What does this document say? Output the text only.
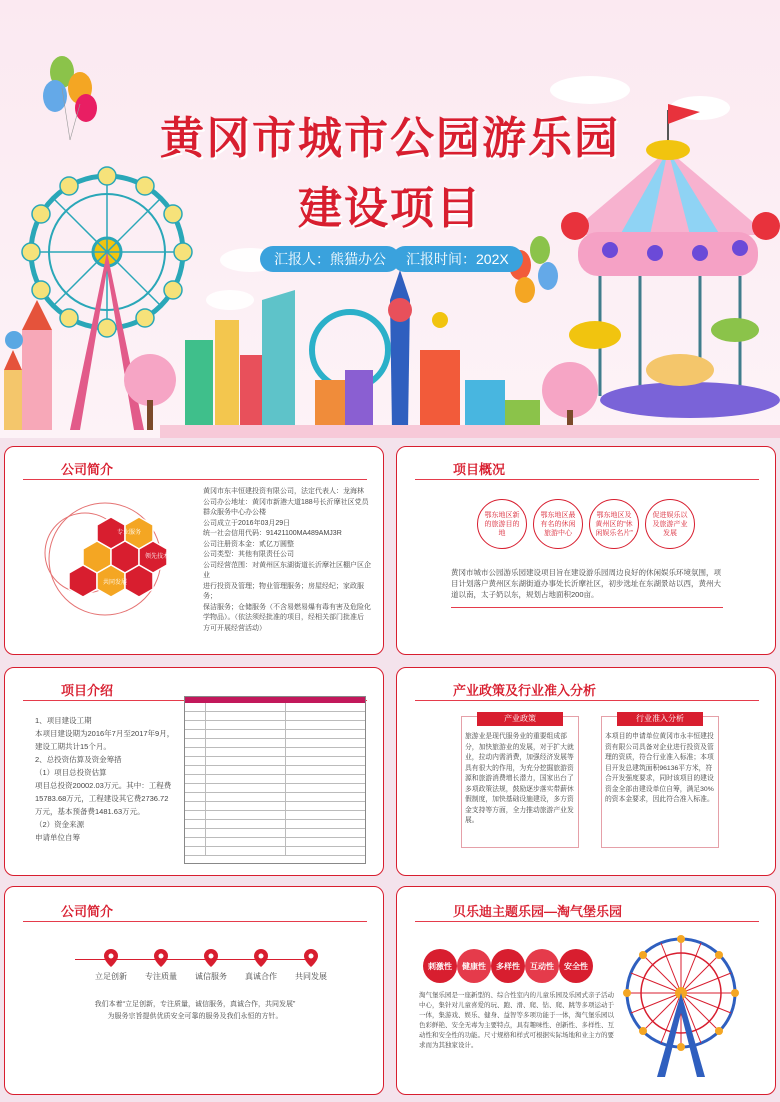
黄冈市城市公园游乐园
建设项目
汇报人：熊猫办公	汇报时间：202X
公司简介
专业服务
领先技术
共同发展
黄冈市东丰恒建投资有限公司，法定代表人：龙海林
公司办公地址：黄冈市新港大道188号长沂摩社区党员
群众服务中心办公楼
公司成立于2016年03月29日
统一社会信用代码：91421100MA489AMJ3R
公司注册资本金：贰亿万圆整
公司类型：其他有限责任公司
公司经营范围：对黄州区东湖街道长沂摩社区棚户区企业
进行投资及管理；物业管理服务；房屋经纪；家政服务；
保洁服务；仓储服务（不含易燃易爆有毒有害及危险化
学物品）。（依法须经批准的项目，经相关部门批准后
方可开展经营活动）
项目概况
鄂东地区新的旅游目的地
鄂东地区最有名的休闲旅游中心
鄂东地区及黄州区的“休闲娱乐名片”
促进娱乐以及旅游产业发展
黄冈市城市公园游乐园建设项目旨在建设游乐园周边良好的休闲娱乐环境氛围，项目计划落户黄州区东湖街道办事处长沂摩社区，初步选址在东湖景站以西，黄州大道以南，太子奶以东，规划占地面积200亩。
项目介绍
1、项目建设工期
本项目建设期为2016年7月至2017年9月，
建设工期共计15个月。
2、总投资估算及资金筹措
（1）项目总投资估算
项目总投资20002.03万元。其中：工程费
15783.68万元，工程建设其它费2736.72
万元，基本预备费1481.63万元。
（2）资金来源
申请单位自筹
产业政策及行业准入分析
产业政策
旅游业是现代服务业的重要组成部分，加快旅游业的发展，对于扩大就业，拉动内需消费，加强经济发展等具有很大的作用，为充分挖掘旅游资源和旅游消费增长潜力，国家出台了多项政策法规，鼓励逐步落实带薪休假制度，加快基础设施建设，多方资金支持等方面，全力推动旅游产业发展。
行业准入分析
本项目的申请单位黄冈市永丰恒建投资有限公司具备对企业进行投资及管理的资质，符合行业准入标准；本项目开发总建筑面积96136平方米，符合开发强度要求，同时该项目的建设资金全部由建设单位自筹，满足30%的资本金要求，因此符合准入标准。
公司简介
立足创新	专注质量	诚信服务	真诚合作	共同发展
我们本着“立足创新，专注质量，诚信服务，真诚合作，共同发展”
为服务宗旨提供优质安全可靠的服务及我们永恒的方针。
贝乐迪主题乐园—淘气堡乐园
刺激性	健康性	多样性	互动性	安全性
淘气堡乐园是一座新型的、综合性室内的儿童乐园及乐园式亲子活动中心，集针对儿童喜爱的玩、跑、滑、爬、钻、爬、跳等多项运动于一体，集游戏、娱乐、健身、益智等多项功能于一体，淘气堡乐园以色彩鲜艳、安全无毒为主要特点，具有趣味性、创新性、多样性、互动性和安全性的功能。尺寸规格和样式可根据实际场地和业主方的要求而为其独家设计。
